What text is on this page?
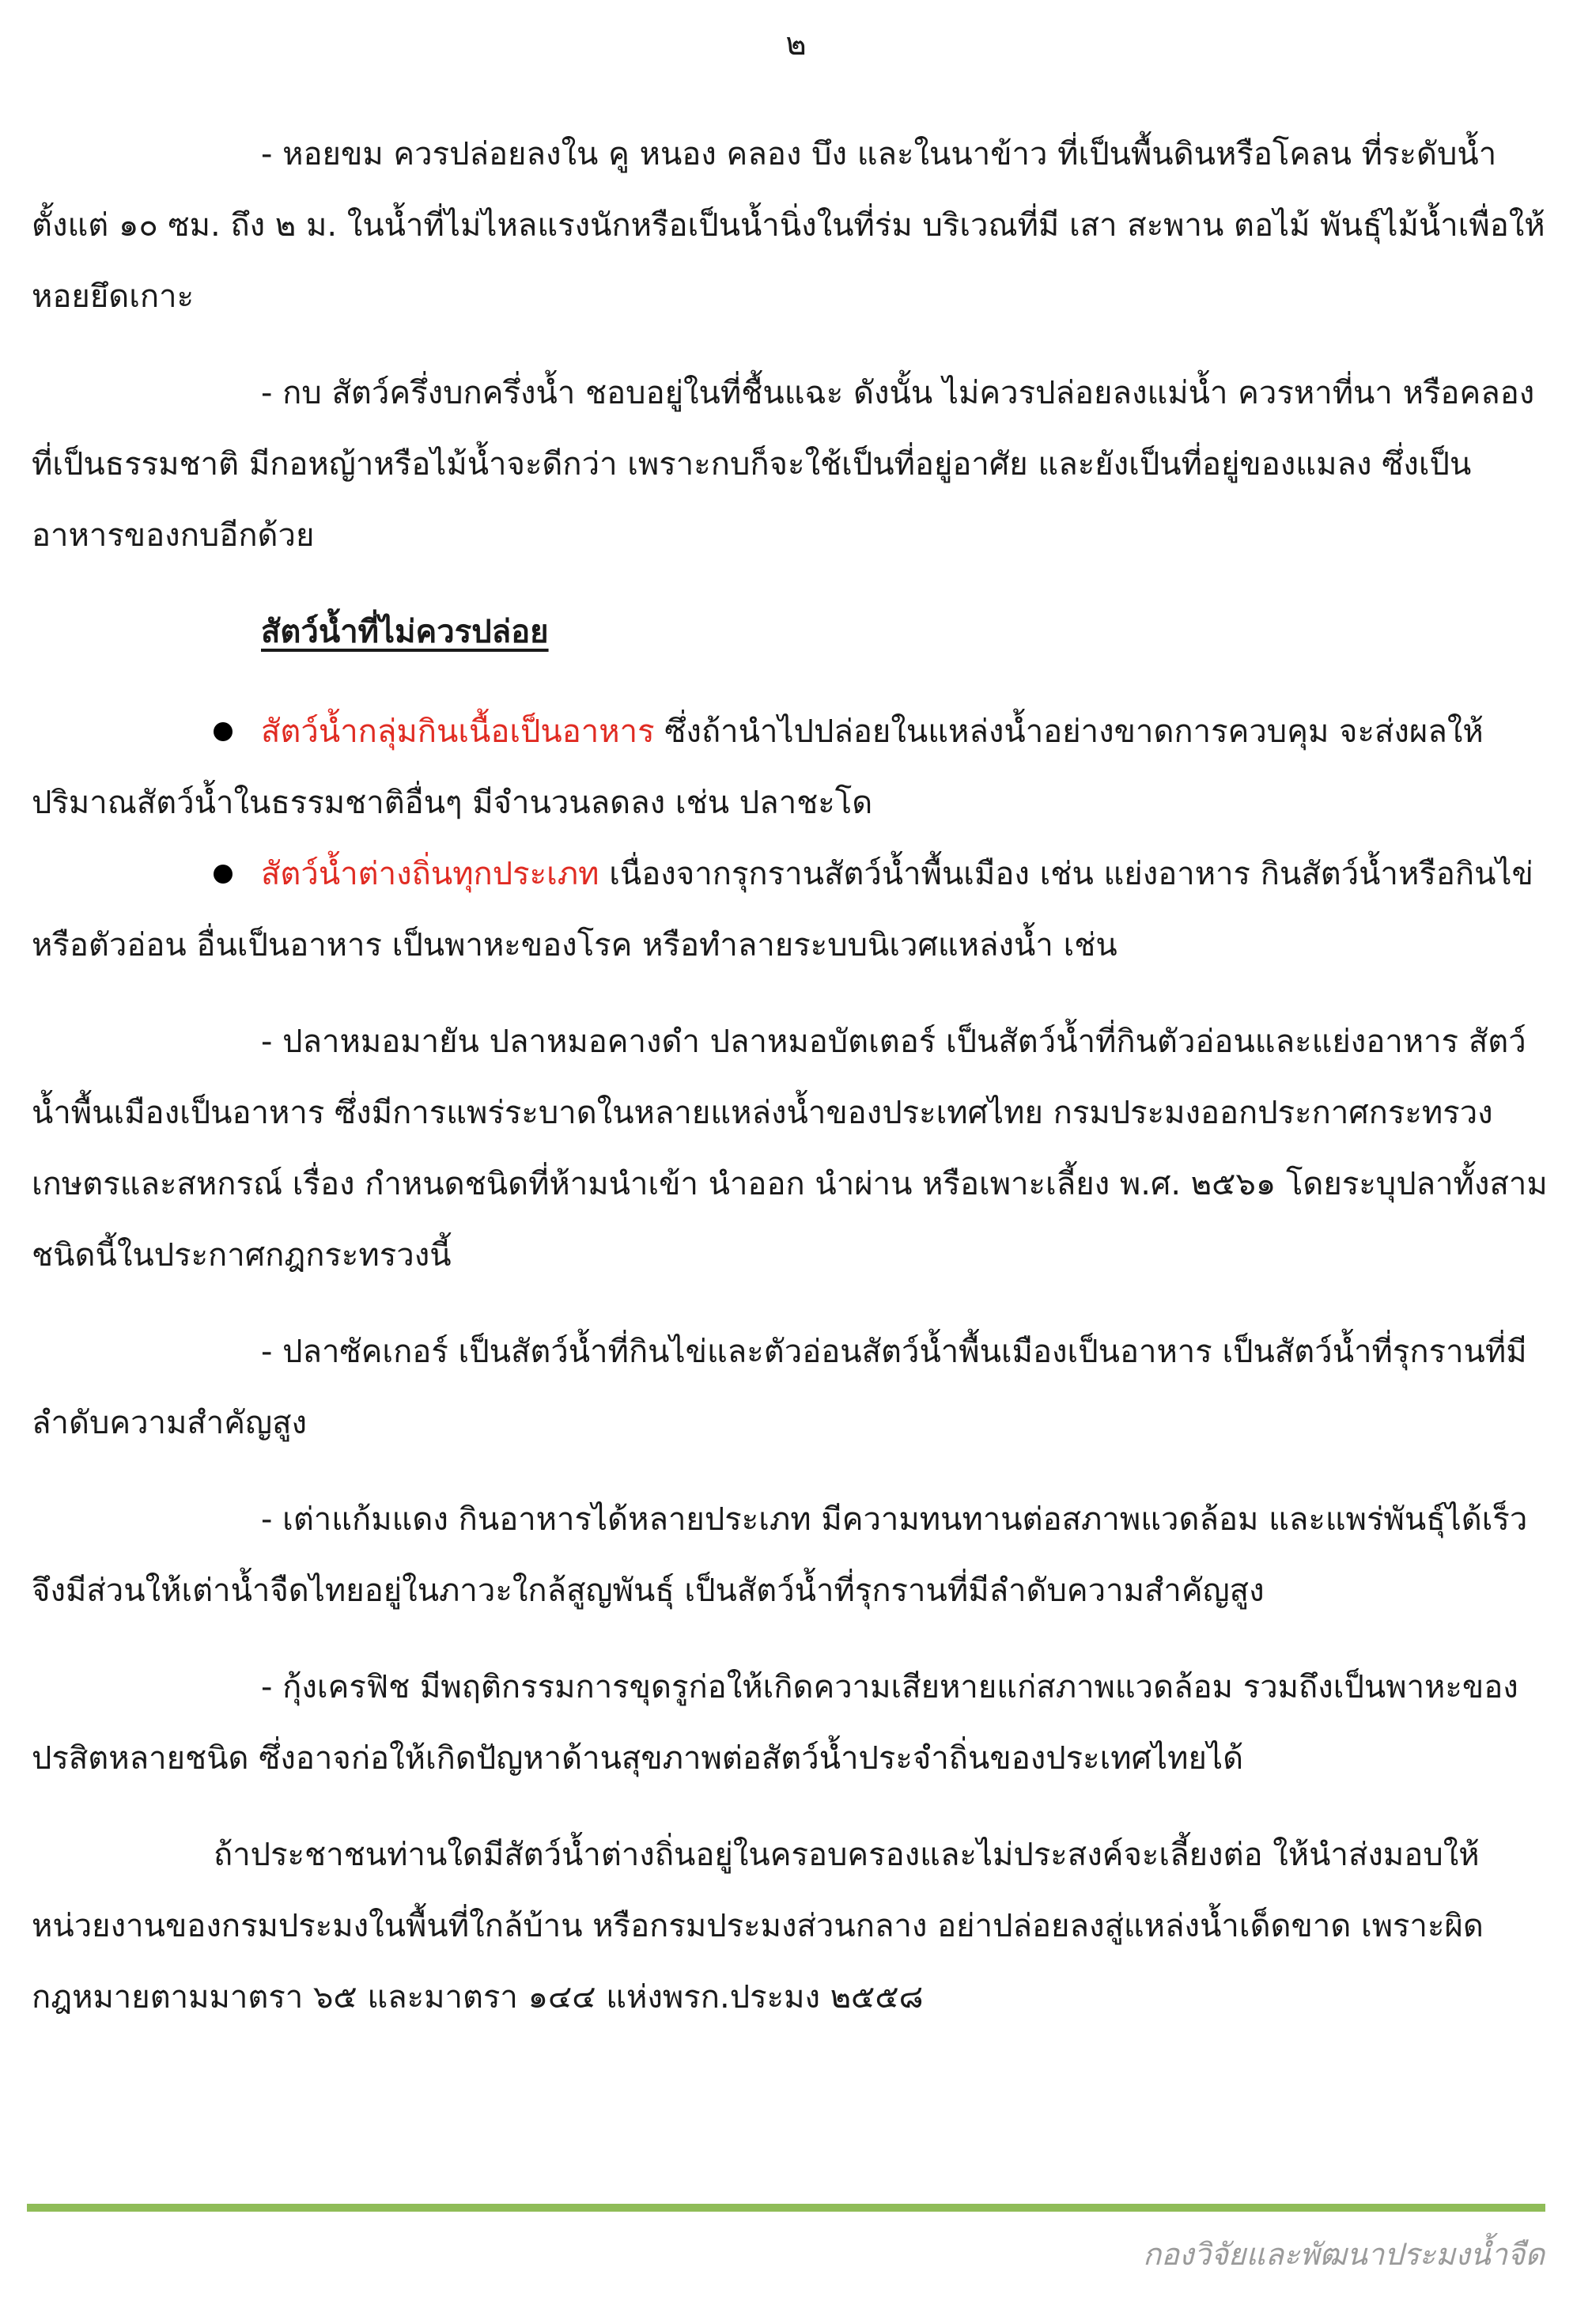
๒

- หอยขม ควรปล่อยลงใน คู หนอง คลอง บึง และในนาข้าว ที่เป็นพื้นดินหรือโคลน ที่ระดับน้ำตั้งแต่ ๑๐ ซม. ถึง ๒ ม. ในน้ำที่ไม่ไหลแรงนักหรือเป็นน้ำนิ่งในที่ร่ม บริเวณที่มี เสา สะพาน ตอไม้ พันธุ์ไม้น้ำเพื่อให้หอยยึดเกาะ

- กบ สัตว์ครึ่งบกครึ่งน้ำ ชอบอยู่ในที่ชื้นแฉะ ดังนั้น ไม่ควรปล่อยลงแม่น้ำ ควรหาที่นา หรือคลองที่เป็นธรรมชาติ มีกอหญ้าหรือไม้น้ำจะดีกว่า เพราะกบก็จะใช้เป็นที่อยู่อาศัย และยังเป็นที่อยู่ของแมลง ซึ่งเป็นอาหารของกบอีกด้วย

สัตว์น้ำที่ไม่ควรปล่อย

สัตว์น้ำกลุ่มกินเนื้อเป็นอาหาร ซึ่งถ้านำไปปล่อยในแหล่งน้ำอย่างขาดการควบคุม จะส่งผลให้ปริมาณสัตว์น้ำในธรรมชาติอื่นๆ มีจำนวนลดลง เช่น ปลาชะโด

สัตว์น้ำต่างถิ่นทุกประเภท เนื่องจากรุกรานสัตว์น้ำพื้นเมือง เช่น แย่งอาหาร กินสัตว์น้ำหรือกินไข่หรือตัวอ่อน อื่นเป็นอาหาร เป็นพาหะของโรค หรือทำลายระบบนิเวศแหล่งน้ำ เช่น

- ปลาหมอมายัน ปลาหมอคางดำ ปลาหมอบัตเตอร์ เป็นสัตว์น้ำที่กินตัวอ่อนและแย่งอาหาร สัตว์น้ำพื้นเมืองเป็นอาหาร ซึ่งมีการแพร่ระบาดในหลายแหล่งน้ำของประเทศไทย กรมประมงออกประกาศกระทรวงเกษตรและสหกรณ์ เรื่อง กำหนดชนิดที่ห้ามนำเข้า นำออก นำผ่าน หรือเพาะเลี้ยง พ.ศ. ๒๕๖๑ โดยระบุปลาทั้งสามชนิดนี้ในประกาศกฎกระทรวงนี้

- ปลาซัคเกอร์ เป็นสัตว์น้ำที่กินไข่และตัวอ่อนสัตว์น้ำพื้นเมืองเป็นอาหาร เป็นสัตว์น้ำที่รุกรานที่มีลำดับความสำคัญสูง

- เต่าแก้มแดง กินอาหารได้หลายประเภท มีความทนทานต่อสภาพแวดล้อม และแพร่พันธุ์ได้เร็ว จึงมีส่วนให้เต่าน้ำจืดไทยอยู่ในภาวะใกล้สูญพันธุ์ เป็นสัตว์น้ำที่รุกรานที่มีลำดับความสำคัญสูง

- กุ้งเครฟิช มีพฤติกรรมการขุดรูก่อให้เกิดความเสียหายแก่สภาพแวดล้อม รวมถึงเป็นพาหะของปรสิตหลายชนิด ซึ่งอาจก่อให้เกิดปัญหาด้านสุขภาพต่อสัตว์น้ำประจำถิ่นของประเทศไทยได้

ถ้าประชาชนท่านใดมีสัตว์น้ำต่างถิ่นอยู่ในครอบครองและไม่ประสงค์จะเลี้ยงต่อ ให้นำส่งมอบให้หน่วยงานของกรมประมงในพื้นที่ใกล้บ้าน หรือกรมประมงส่วนกลาง อย่าปล่อยลงสู่แหล่งน้ำเด็ดขาด เพราะผิดกฎหมายตามมาตรา ๖๕ และมาตรา ๑๔๔ แห่งพรก.ประมง ๒๕๕๘

กองวิจัยและพัฒนาประมงน้ำจืด
